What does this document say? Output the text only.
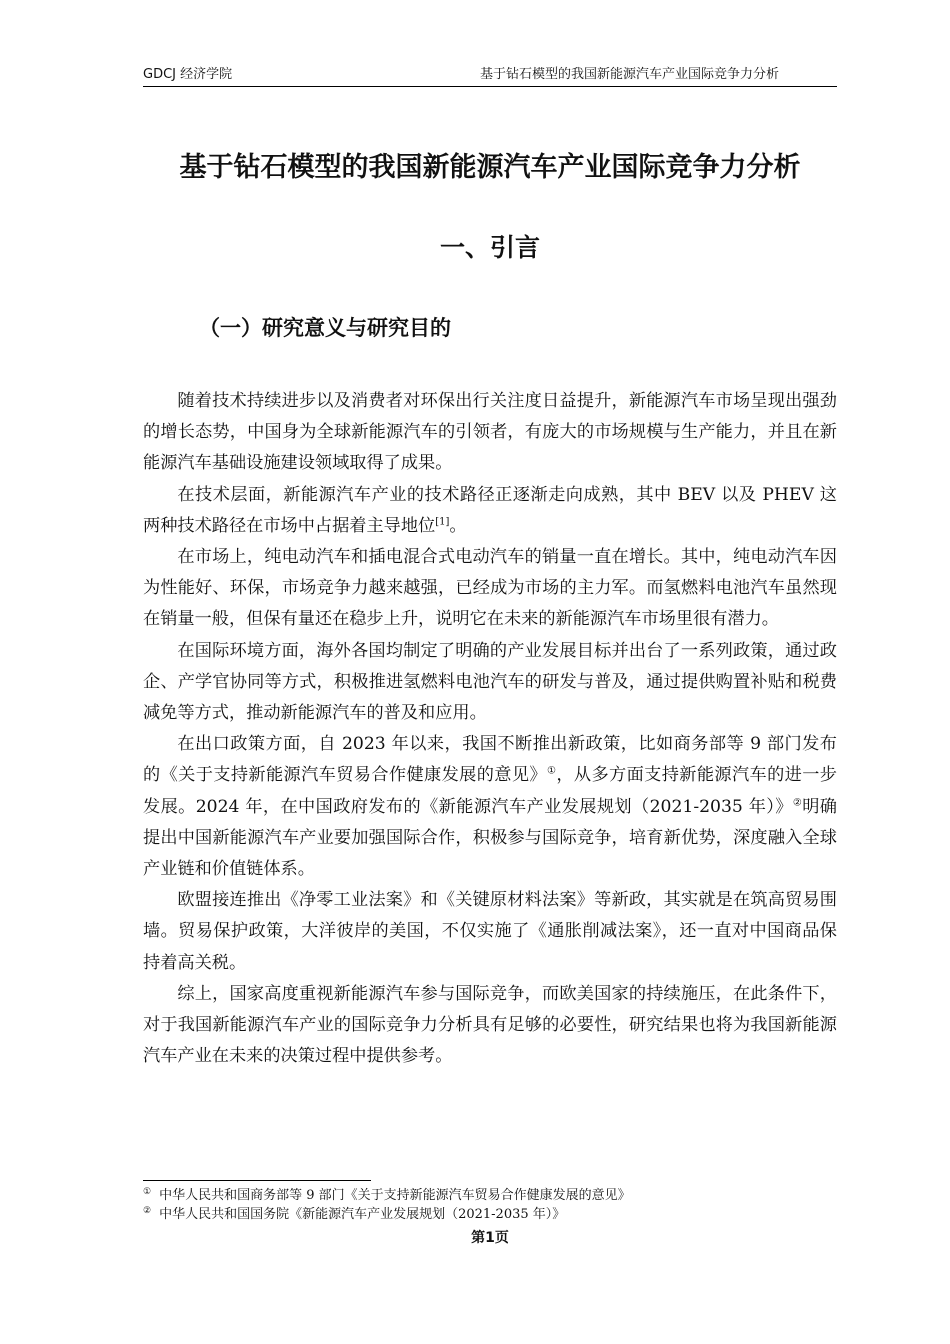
GDCJ 经济学院	基于钻石模型的我国新能源汽车产业国际竞争力分析
基于钻石模型的我国新能源汽车产业国际竞争力分析
一、引言
（一）研究意义与研究目的

随着技术持续进步以及消费者对环保出行关注度日益提升，新能源汽车市场呈现出强劲的增长态势，中国身为全球新能源汽车的引领者，有庞大的市场规模与生产能力，并且在新能源汽车基础设施建设领域取得了成果。

在技术层面，新能源汽车产业的技术路径正逐渐走向成熟，其中 BEV 以及 PHEV 这两种技术路径在市场中占据着主导地位[1]。

在市场上，纯电动汽车和插电混合式电动汽车的销量一直在增长。其中，纯电动汽车因为性能好、环保，市场竞争力越来越强，已经成为市场的主力军。而氢燃料电池汽车虽然现在销量一般，但保有量还在稳步上升，说明它在未来的新能源汽车市场里很有潜力。

在国际环境方面，海外各国均制定了明确的产业发展目标并出台了一系列政策，通过政企、产学官协同等方式，积极推进氢燃料电池汽车的研发与普及，通过提供购置补贴和税费减免等方式，推动新能源汽车的普及和应用。

在出口政策方面，自 2023 年以来，我国不断推出新政策，比如商务部等 9 部门发布的《关于支持新能源汽车贸易合作健康发展的意见》①，从多方面支持新能源汽车的进一步发展。2024 年，在中国政府发布的《新能源汽车产业发展规划（2021-2035 年）》②明确提出中国新能源汽车产业要加强国际合作，积极参与国际竞争，培育新优势，深度融入全球产业链和价值链体系。

欧盟接连推出《净零工业法案》和《关键原材料法案》等新政，其实就是在筑高贸易围墙。贸易保护政策，大洋彼岸的美国，不仅实施了《通胀削减法案》，还一直对中国商品保持着高关税。

综上，国家高度重视新能源汽车参与国际竞争，而欧美国家的持续施压，在此条件下，对于我国新能源汽车产业的国际竞争力分析具有足够的必要性，研究结果也将为我国新能源汽车产业在未来的决策过程中提供参考。

① 中华人民共和国商务部等 9 部门《关于支持新能源汽车贸易合作健康发展的意见》
② 中华人民共和国国务院《新能源汽车产业发展规划（2021-2035 年）》
第1页
